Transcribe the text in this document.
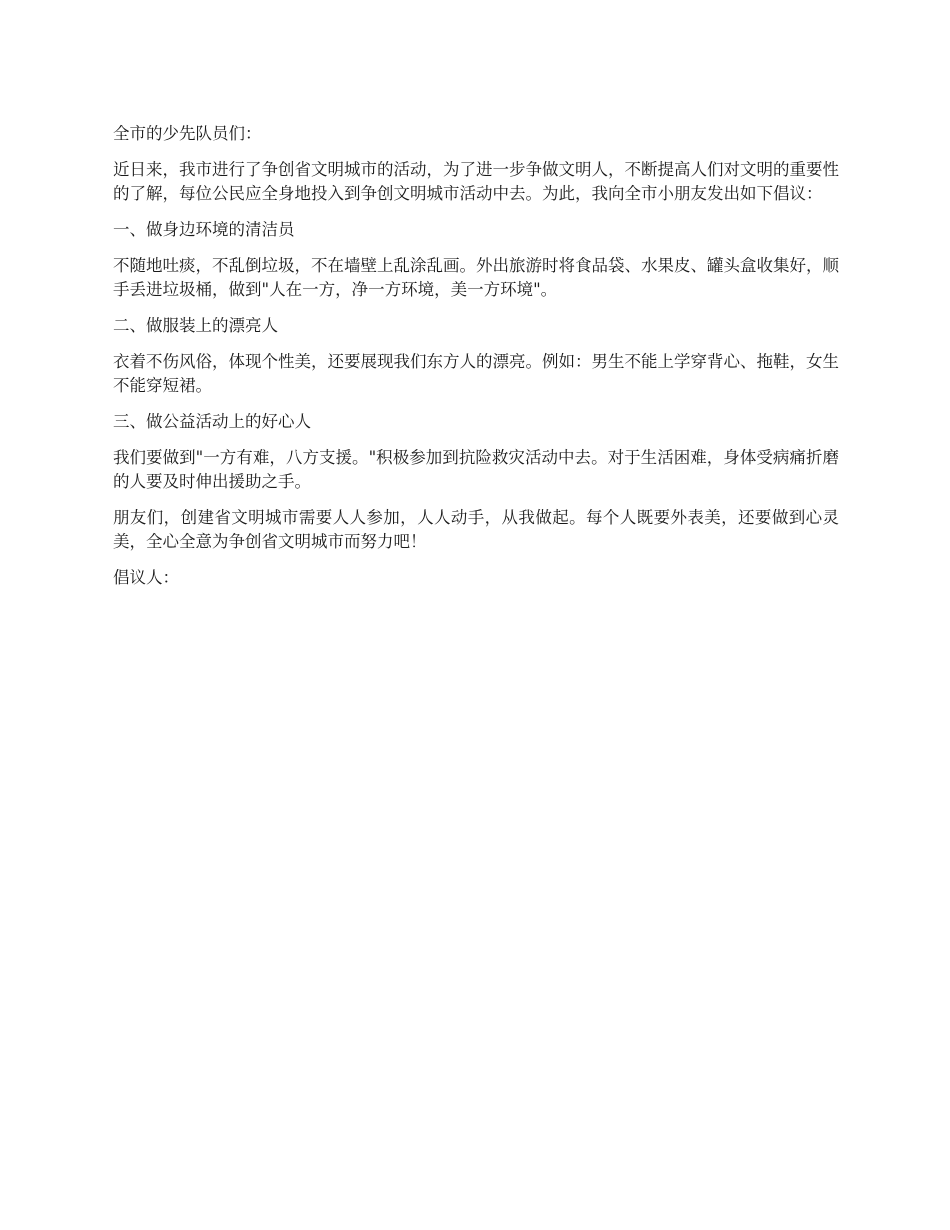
全市的少先队员们：

近日来，我市进行了争创省文明城市的活动，为了进一步争做文明人，不断提高人们对文明的重要性的了解，每位公民应全身地投入到争创文明城市活动中去。为此，我向全市小朋友发出如下倡议：

一、做身边环境的清洁员

不随地吐痰，不乱倒垃圾，不在墙壁上乱涂乱画。外出旅游时将食品袋、水果皮、罐头盒收集好，顺手丢进垃圾桶，做到"人在一方，净一方环境，美一方环境"。

二、做服装上的漂亮人

衣着不伤风俗，体现个性美，还要展现我们东方人的漂亮。例如：男生不能上学穿背心、拖鞋，女生不能穿短裙。

三、做公益活动上的好心人

我们要做到"一方有难，八方支援。"积极参加到抗险救灾活动中去。对于生活困难，身体受病痛折磨的人要及时伸出援助之手。

朋友们，创建省文明城市需要人人参加，人人动手，从我做起。每个人既要外表美，还要做到心灵美，全心全意为争创省文明城市而努力吧！

倡议人：
